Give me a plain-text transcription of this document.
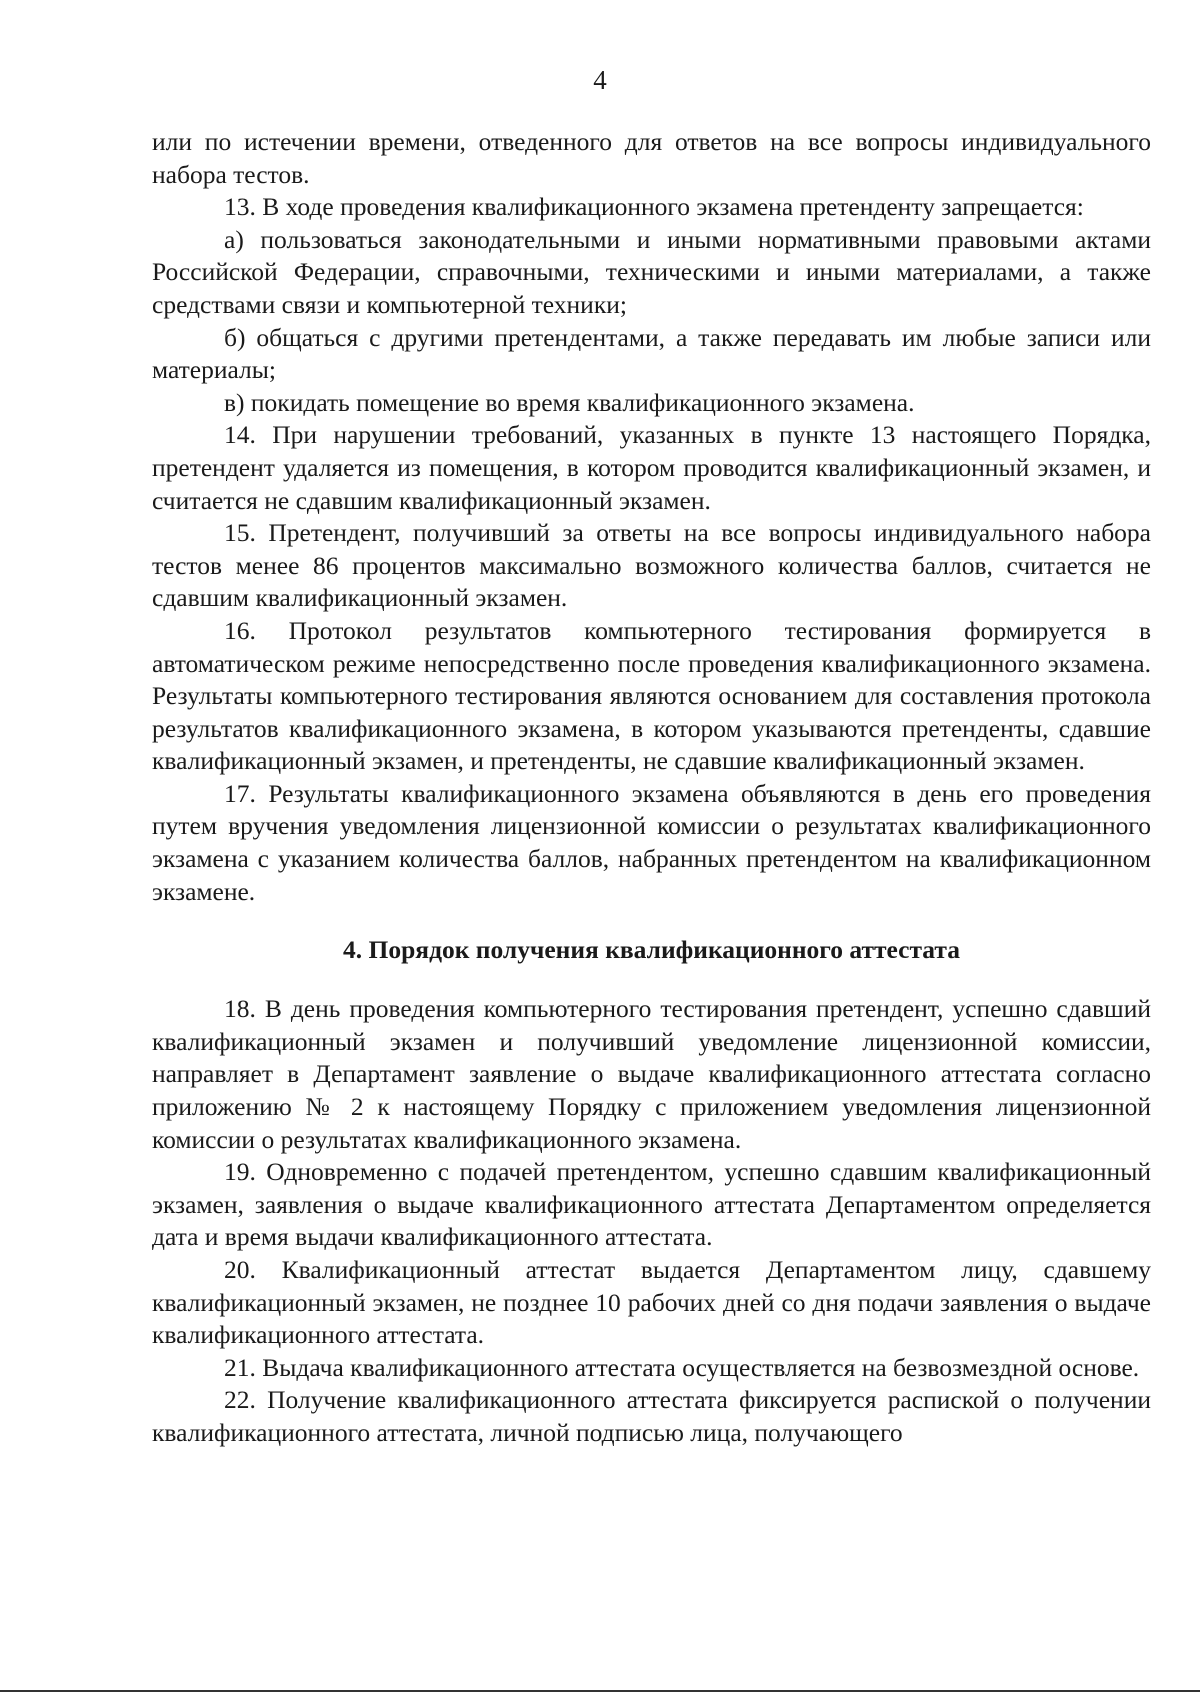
4

или по истечении времени, отведенного для ответов на все вопросы индивидуального набора тестов.

13. В ходе проведения квалификационного экзамена претенденту запрещается:

а) пользоваться законодательными и иными нормативными правовыми актами Российской Федерации, справочными, техническими и иными материалами, а также средствами связи и компьютерной техники;

б) общаться с другими претендентами, а также передавать им любые записи или материалы;

в) покидать помещение во время квалификационного экзамена.

14. При нарушении требований, указанных в пункте 13 настоящего Порядка, претендент удаляется из помещения, в котором проводится квалификационный экзамен, и считается не сдавшим квалификационный экзамен.

15. Претендент, получивший за ответы на все вопросы индивидуального набора тестов менее 86 процентов максимально возможного количества баллов, считается не сдавшим квалификационный экзамен.

16. Протокол результатов компьютерного тестирования формируется в автоматическом режиме непосредственно после проведения квалификационного экзамена. Результаты компьютерного тестирования являются основанием для составления протокола результатов квалификационного экзамена, в котором указываются претенденты, сдавшие квалификационный экзамен, и претенденты, не сдавшие квалификационный экзамен.

17. Результаты квалификационного экзамена объявляются в день его проведения путем вручения уведомления лицензионной комиссии о результатах квалификационного экзамена с указанием количества баллов, набранных претендентом на квалификационном экзамене.

4. Порядок получения квалификационного аттестата

18. В день проведения компьютерного тестирования претендент, успешно сдавший квалификационный экзамен и получивший уведомление лицензионной комиссии, направляет в Департамент заявление о выдаче квалификационного аттестата согласно приложению № 2 к настоящему Порядку с приложением уведомления лицензионной комиссии о результатах квалификационного экзамена.

19. Одновременно с подачей претендентом, успешно сдавшим квалификационный экзамен, заявления о выдаче квалификационного аттестата Департаментом определяется дата и время выдачи квалификационного аттестата.

20. Квалификационный аттестат выдается Департаментом лицу, сдавшему квалификационный экзамен, не позднее 10 рабочих дней со дня подачи заявления о выдаче квалификационного аттестата.

21. Выдача квалификационного аттестата осуществляется на безвозмездной основе.

22. Получение квалификационного аттестата фиксируется распиской о получении квалификационного аттестата, личной подписью лица, получающего
